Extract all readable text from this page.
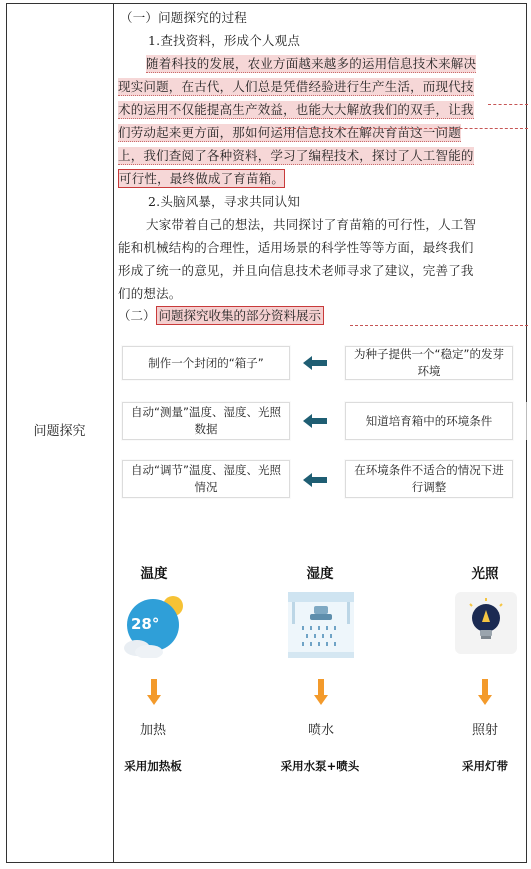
问题探究
（一）问题探究的过程
1.查找资料，形成个人观点
随着科技的发展，农业方面越来越多的运用信息技术来解决
现实问题，在古代，人们总是凭借经验进行生产生活，而现代技
术的运用不仅能提高生产效益，也能大大解放我们的双手，让我
们劳动起来更方面，那如何运用信息技术在解决育苗这一问题
上，我们查阅了各种资料，学习了编程技术，探讨了人工智能的
可行性，最终做成了育苗箱。
2.头脑风暴，寻求共同认知
大家带着自己的想法，共同探讨了育苗箱的可行性，人工智
能和机械结构的合理性，适用场景的科学性等等方面，最终我们
形成了统一的意见，并且向信息技术老师寻求了建议，完善了我
们的想法。
（二） 问题探究收集的部分资料展示
制作一个封闭的“箱子”
为种子提供一个“稳定”的发芽环境
自动“测量”温度、湿度、光照数据
知道培育箱中的环境条件
自动“调节”温度、湿度、光照情况
在环境条件不适合的情况下进行调整
温度	湿度	光照
28°
加热	喷水	照射
采用加热板	采用水泵+喷头	采用灯带
